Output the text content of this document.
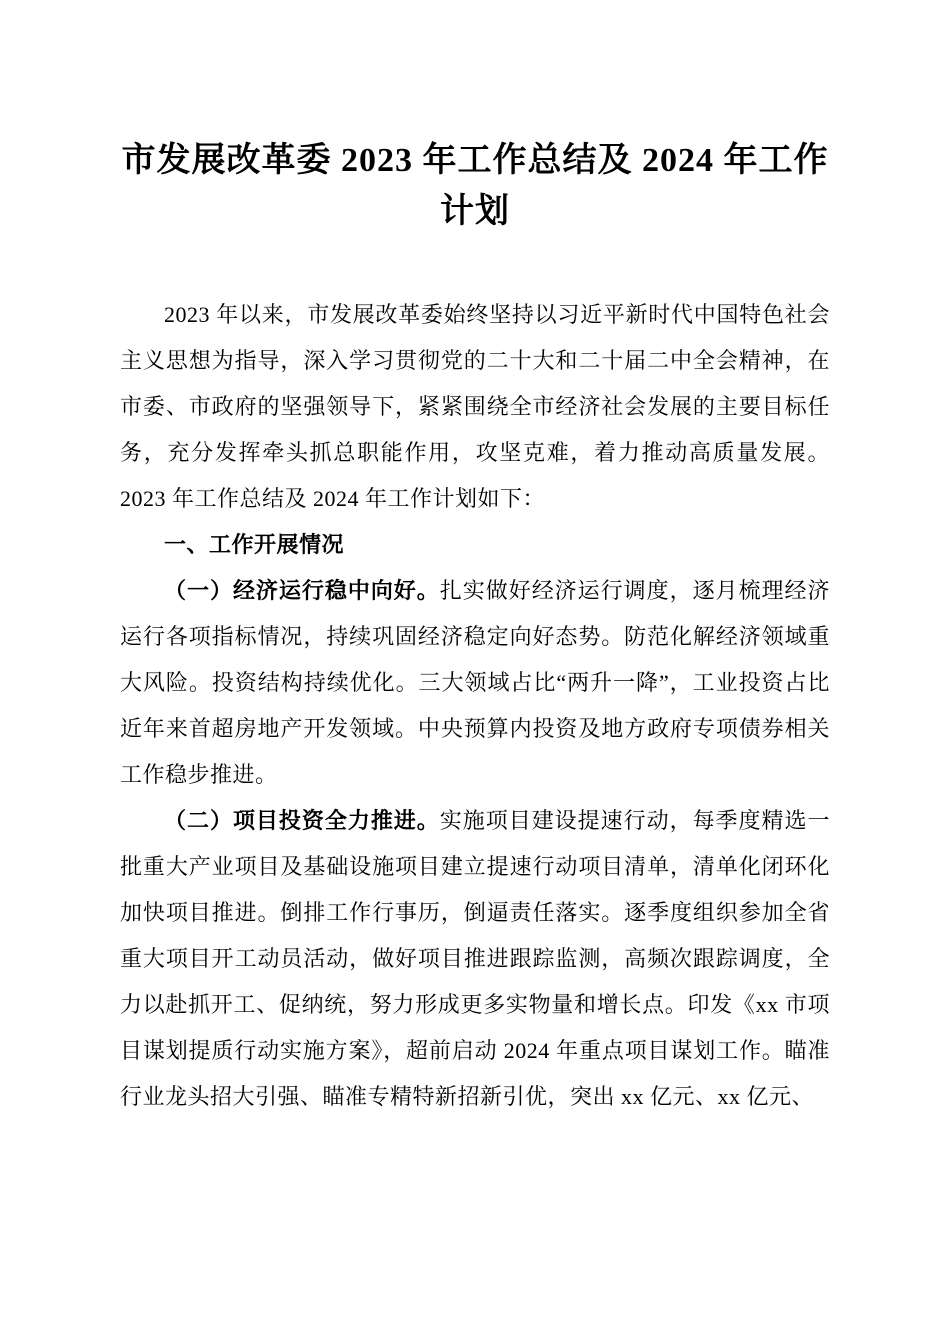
市发展改革委 2023 年工作总结及 2024 年工作计划

2023 年以来，市发展改革委始终坚持以习近平新时代中国特色社会主义思想为指导，深入学习贯彻党的二十大和二十届二中全会精神，在市委、市政府的坚强领导下，紧紧围绕全市经济社会发展的主要目标任务，充分发挥牵头抓总职能作用，攻坚克难，着力推动高质量发展。2023 年工作总结及 2024 年工作计划如下：

一、工作开展情况

（一）经济运行稳中向好。扎实做好经济运行调度，逐月梳理经济运行各项指标情况，持续巩固经济稳定向好态势。防范化解经济领域重大风险。投资结构持续优化。三大领域占比“两升一降”，工业投资占比近年来首超房地产开发领域。中央预算内投资及地方政府专项债券相关工作稳步推进。

（二）项目投资全力推进。实施项目建设提速行动，每季度精选一批重大产业项目及基础设施项目建立提速行动项目清单，清单化闭环化加快项目推进。倒排工作行事历，倒逼责任落实。逐季度组织参加全省重大项目开工动员活动，做好项目推进跟踪监测，高频次跟踪调度，全力以赴抓开工、促纳统，努力形成更多实物量和增长点。印发《xx 市项目谋划提质行动实施方案》，超前启动 2024 年重点项目谋划工作。瞄准行业龙头招大引强、瞄准专精特新招新引优，突出 xx 亿元、xx 亿元、
